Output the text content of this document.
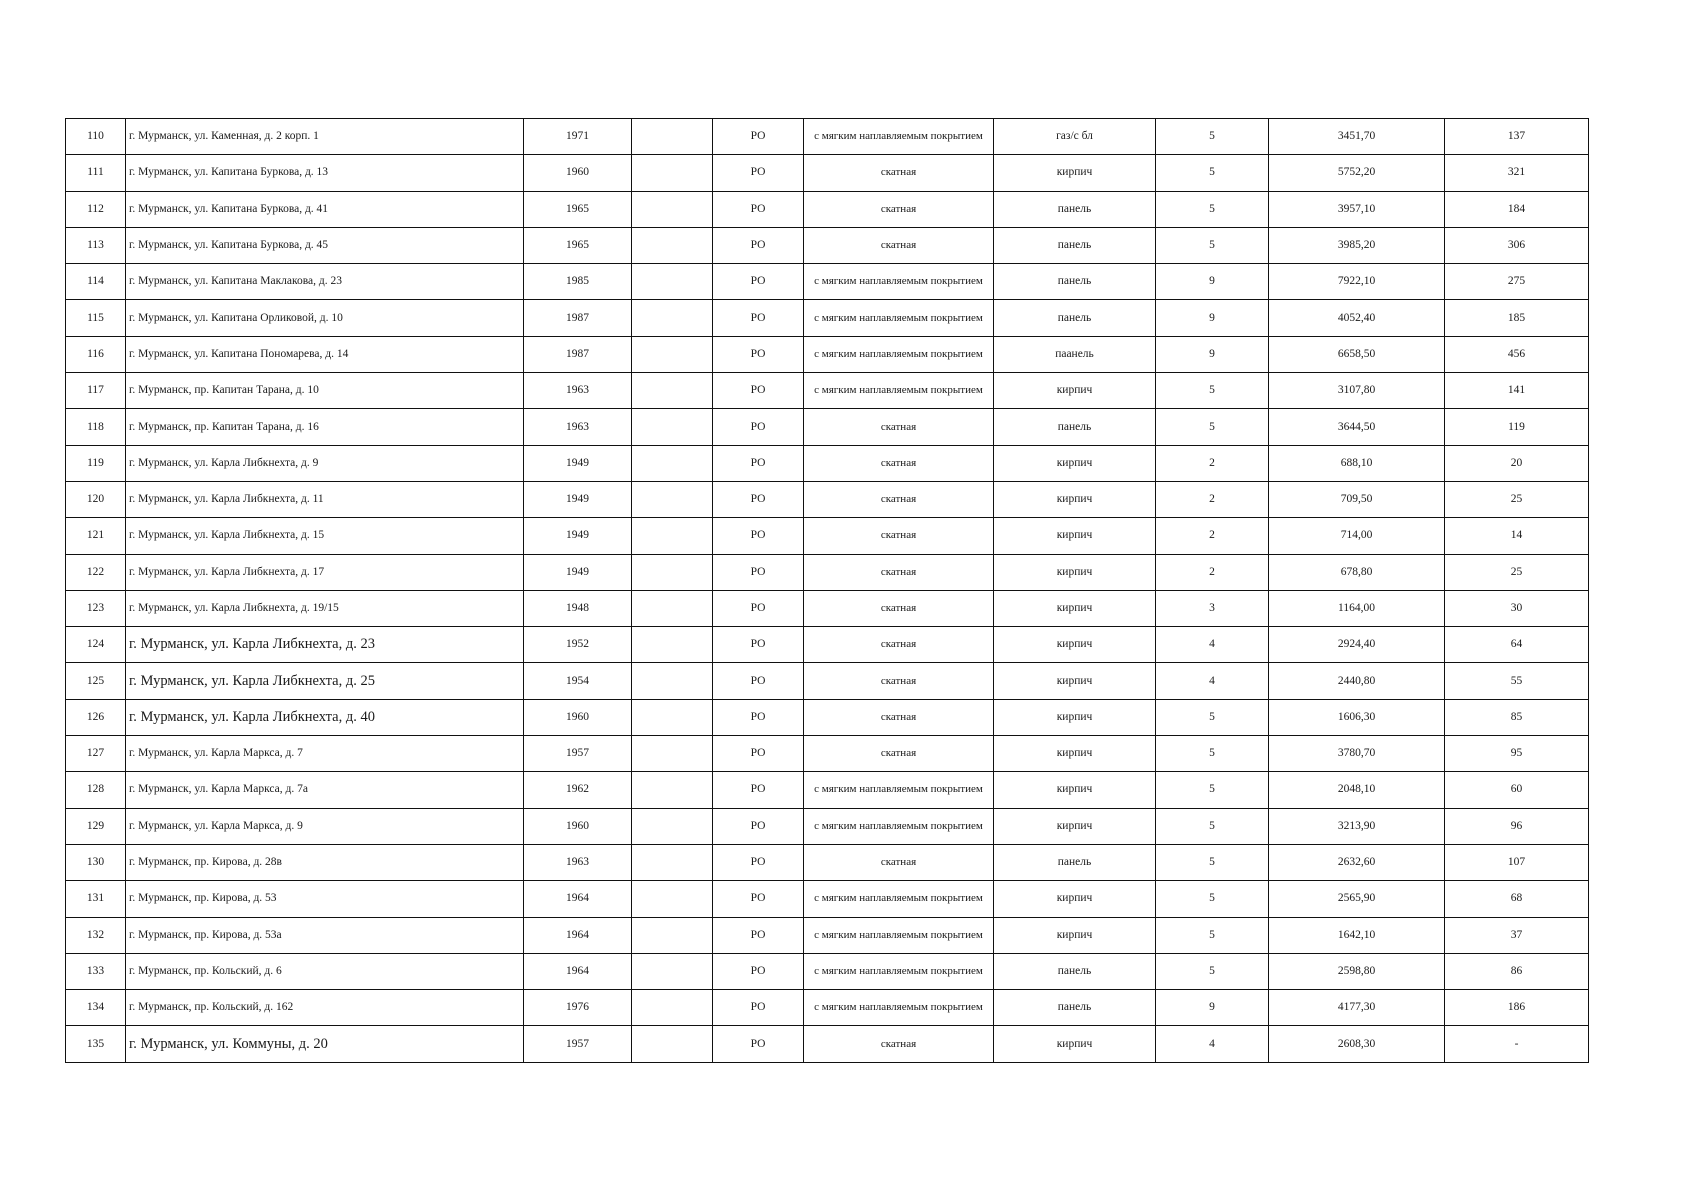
110	г. Мурманск, ул. Каменная, д. 2 корп. 1	1971		РО	с мягким наплавляемым покрытием	газ/с бл	5	3451,70	137
111	г. Мурманск, ул. Капитана Буркова, д. 13	1960		РО	скатная	кирпич	5	5752,20	321
112	г. Мурманск, ул. Капитана Буркова, д. 41	1965		РО	скатная	панель	5	3957,10	184
113	г. Мурманск, ул. Капитана Буркова, д. 45	1965		РО	скатная	панель	5	3985,20	306
114	г. Мурманск, ул. Капитана Маклакова, д. 23	1985		РО	с мягким наплавляемым покрытием	панель	9	7922,10	275
115	г. Мурманск, ул. Капитана Орликовой, д. 10	1987		РО	с мягким наплавляемым покрытием	панель	9	4052,40	185
116	г. Мурманск, ул. Капитана Пономарева, д. 14	1987		РО	с мягким наплавляемым покрытием	паанель	9	6658,50	456
117	г. Мурманск, пр. Капитан Тарана, д. 10	1963		РО	с мягким наплавляемым покрытием	кирпич	5	3107,80	141
118	г. Мурманск, пр. Капитан Тарана, д. 16	1963		РО	скатная	панель	5	3644,50	119
119	г. Мурманск, ул. Карла Либкнехта, д. 9	1949		РО	скатная	кирпич	2	688,10	20
120	г. Мурманск, ул. Карла Либкнехта, д. 11	1949		РО	скатная	кирпич	2	709,50	25
121	г. Мурманск, ул. Карла Либкнехта, д. 15	1949		РО	скатная	кирпич	2	714,00	14
122	г. Мурманск, ул. Карла Либкнехта, д. 17	1949		РО	скатная	кирпич	2	678,80	25
123	г. Мурманск, ул. Карла Либкнехта, д. 19/15	1948		РО	скатная	кирпич	3	1164,00	30
124	г. Мурманск, ул. Карла Либкнехта, д. 23	1952		РО	скатная	кирпич	4	2924,40	64
125	г. Мурманск, ул. Карла Либкнехта, д. 25	1954		РО	скатная	кирпич	4	2440,80	55
126	г. Мурманск, ул. Карла Либкнехта, д. 40	1960		РО	скатная	кирпич	5	1606,30	85
127	г. Мурманск, ул. Карла Маркса, д. 7	1957		РО	скатная	кирпич	5	3780,70	95
128	г. Мурманск, ул. Карла Маркса, д. 7а	1962		РО	с мягким наплавляемым покрытием	кирпич	5	2048,10	60
129	г. Мурманск, ул. Карла Маркса, д. 9	1960		РО	с мягким наплавляемым покрытием	кирпич	5	3213,90	96
130	г. Мурманск, пр. Кирова, д. 28в	1963		РО	скатная	панель	5	2632,60	107
131	г. Мурманск, пр. Кирова, д. 53	1964		РО	с мягким наплавляемым покрытием	кирпич	5	2565,90	68
132	г. Мурманск, пр. Кирова, д. 53а	1964		РО	с мягким наплавляемым покрытием	кирпич	5	1642,10	37
133	г. Мурманск, пр. Кольский, д. 6	1964		РО	с мягким наплавляемым покрытием	панель	5	2598,80	86
134	г. Мурманск, пр. Кольский, д. 162	1976		РО	с мягким наплавляемым покрытием	панель	9	4177,30	186
135	г. Мурманск, ул. Коммуны, д. 20	1957		РО	скатная	кирпич	4	2608,30	-
